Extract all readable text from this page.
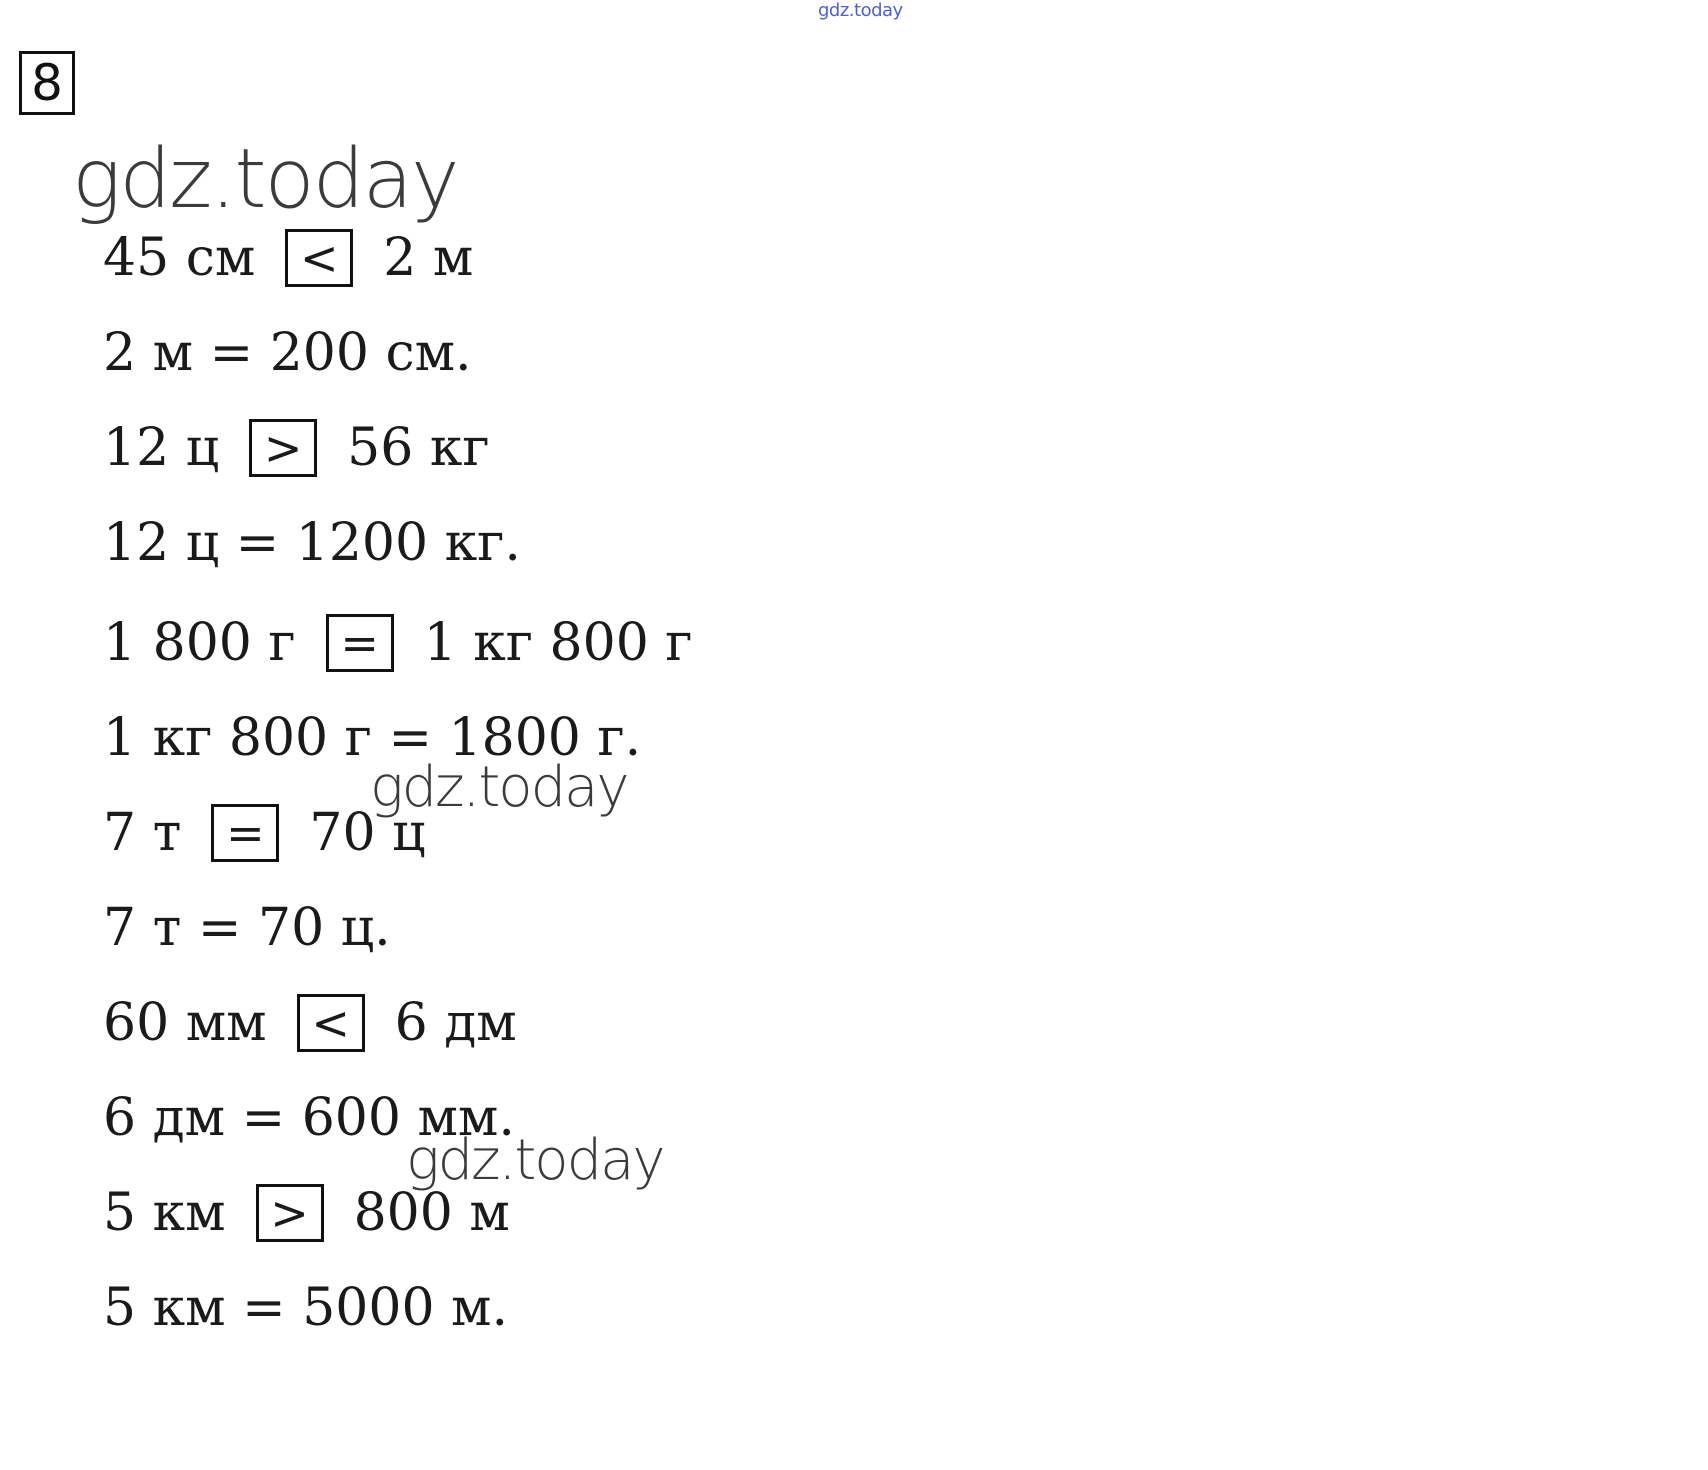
gdz.today
8
45 см < 2 м
2 м = 200 см.
12 ц > 56 кг
12 ц = 1200 кг.
1 800 г = 1 кг 800 г
1 кг 800 г = 1800 г.
7 т = 70 ц
7 т = 70 ц.
60 мм < 6 дм
6 дм = 600 мм.
5 км > 800 м
5 км = 5000 м.
gdz.today
gdz.today
gdz.today
